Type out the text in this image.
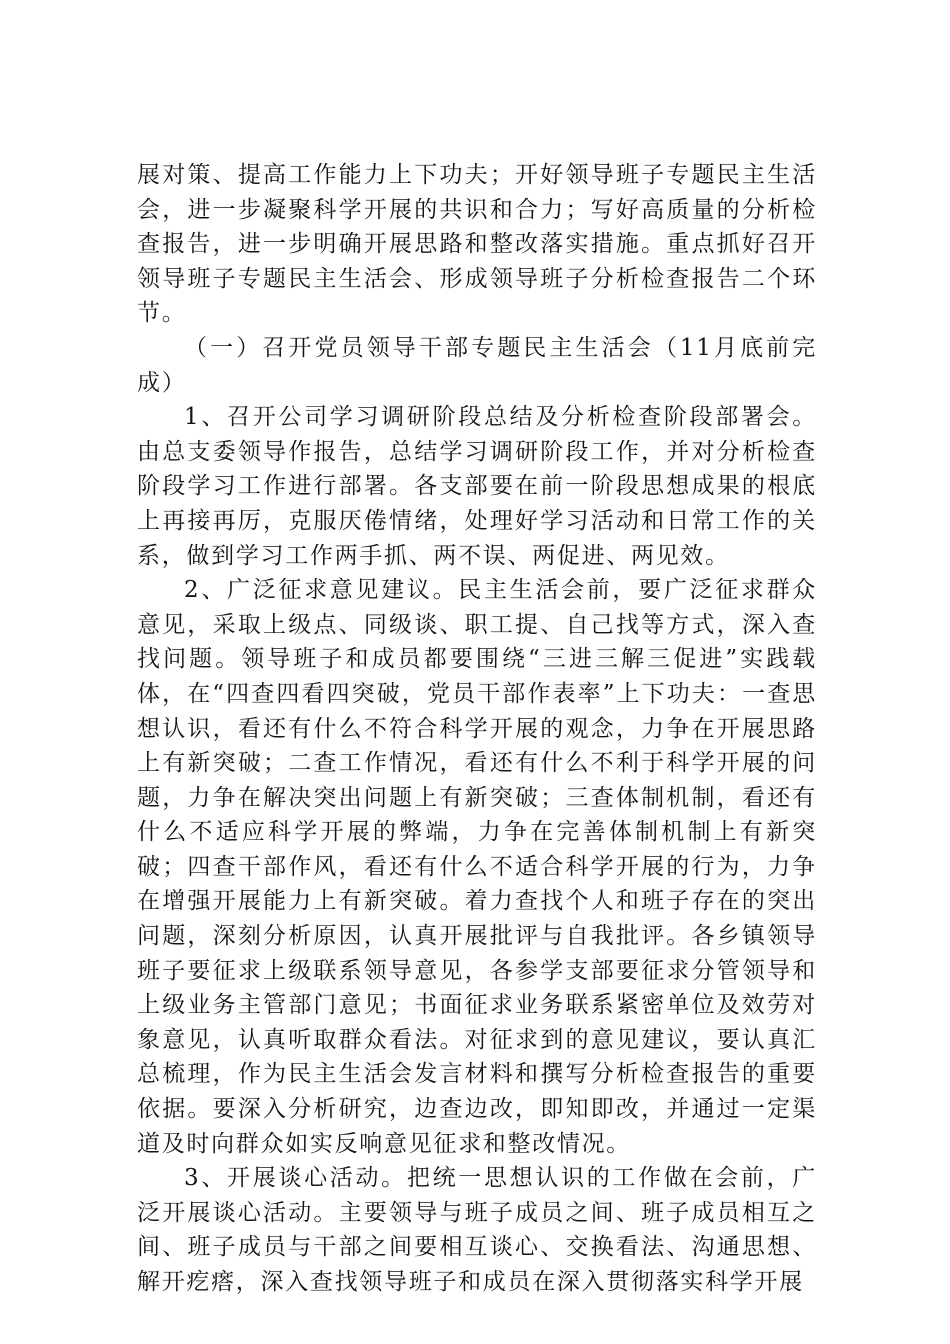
展对策、提高工作能力上下功夫；开好领导班子专题民主生活会，进一步凝聚科学开展的共识和合力；写好高质量的分析检查报告，进一步明确开展思路和整改落实措施。重点抓好召开领导班子专题民主生活会、形成领导班子分析检查报告二个环节。

（一）召开党员领导干部专题民主生活会（11月底前完成）

1、召开公司学习调研阶段总结及分析检查阶段部署会。由总支委领导作报告，总结学习调研阶段工作，并对分析检查阶段学习工作进行部署。各支部要在前一阶段思想成果的根底上再接再厉，克服厌倦情绪，处理好学习活动和日常工作的关系，做到学习工作两手抓、两不误、两促进、两见效。

2、广泛征求意见建议。民主生活会前，要广泛征求群众意见，采取上级点、同级谈、职工提、自己找等方式，深入查找问题。领导班子和成员都要围绕“三进三解三促进”实践载体，在“四查四看四突破，党员干部作表率”上下功夫：一查思想认识，看还有什么不符合科学开展的观念，力争在开展思路上有新突破；二查工作情况，看还有什么不利于科学开展的问题，力争在解决突出问题上有新突破；三查体制机制，看还有什么不适应科学开展的弊端，力争在完善体制机制上有新突破；四查干部作风，看还有什么不适合科学开展的行为，力争在增强开展能力上有新突破。着力查找个人和班子存在的突出问题，深刻分析原因，认真开展批评与自我批评。各乡镇领导班子要征求上级联系领导意见，各参学支部要征求分管领导和上级业务主管部门意见；书面征求业务联系紧密单位及效劳对象意见，认真听取群众看法。对征求到的意见建议，要认真汇总梳理，作为民主生活会发言材料和撰写分析检查报告的重要依据。要深入分析研究，边查边改，即知即改，并通过一定渠道及时向群众如实反响意见征求和整改情况。

3、开展谈心活动。把统一思想认识的工作做在会前，广泛开展谈心活动。主要领导与班子成员之间、班子成员相互之间、班子成员与干部之间要相互谈心、交换看法、沟通思想、解开疙瘩，深入查找领导班子和成员在深入贯彻落实科学开展
